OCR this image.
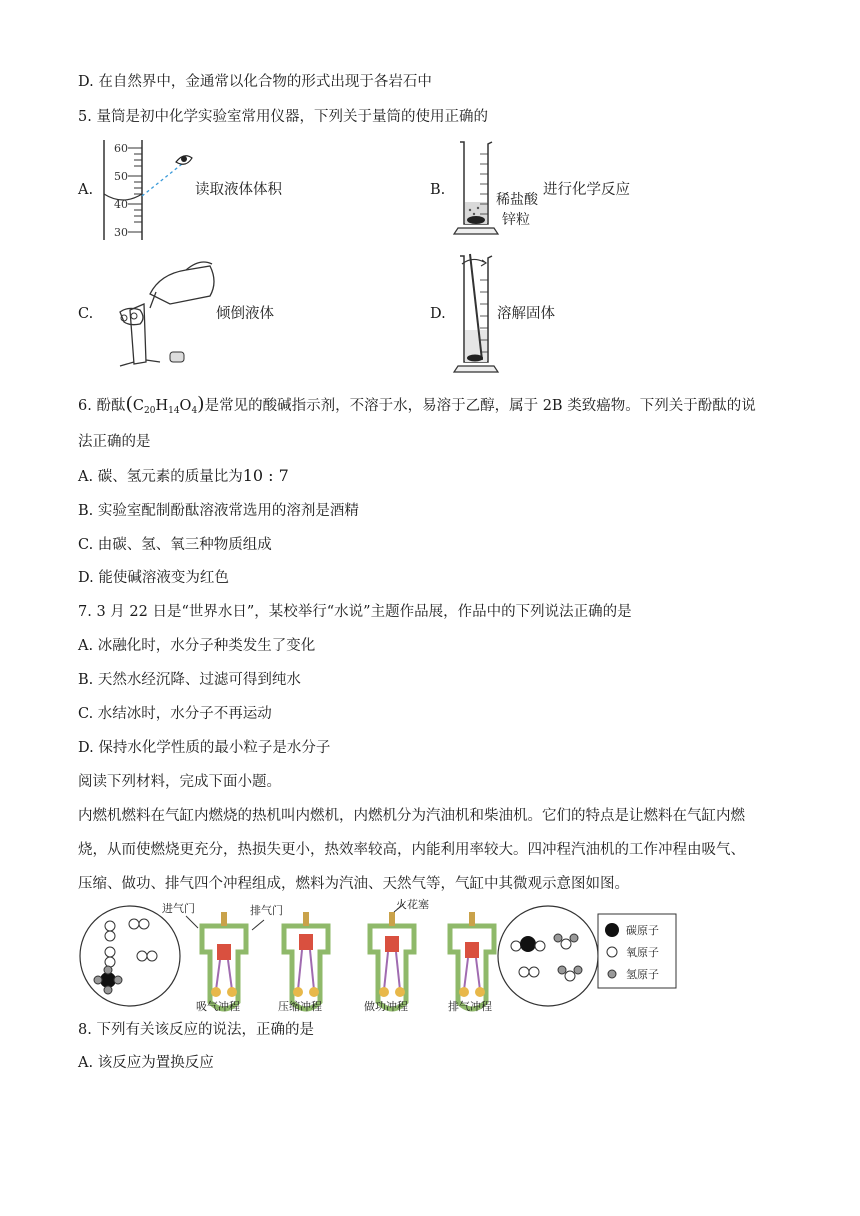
D. 在自然界中，金通常以化合物的形式出现于各岩石中
5. 量筒是初中化学实验室常用仪器，下列关于量筒的使用正确的
A.
60
50
40
30
读取液体体积	B.
稀盐酸
锌粒
进行化学反应
C.	倾倒液体	D.	溶解固体
6. 酚酞$(C_{20}H_{14}O_4)$是常见的酸碱指示剂，不溶于水，易溶于乙醇，属于 2B 类致癌物。下列关于酚酞的说
法正确的是
A. 碳、氢元素的质量比为10 : 7
B. 实验室配制酚酞溶液常选用的溶剂是酒精
C. 由碳、氢、氧三种物质组成
D. 能使碱溶液变为红色
7. 3 月 22 日是“世界水日”，某校举行“水说”主题作品展，作品中的下列说法正确的是
A. 冰融化时，水分子种类发生了变化
B. 天然水经沉降、过滤可得到纯水
C. 水结冰时，水分子不再运动
D. 保持水化学性质的最小粒子是水分子
阅读下列材料，完成下面小题。
内燃机燃料在气缸内燃烧的热机叫内燃机，内燃机分为汽油机和柴油机。它们的特点是让燃料在气缸内燃
烧，从而使燃烧更充分，热损失更小，热效率较高，内能利用率较大。四冲程汽油机的工作冲程由吸气、
压缩、做功、排气四个冲程组成，燃料为汽油、天然气等，气缸中其微观示意图如图。
进气门	排气门	火花塞
吸气冲程	压缩冲程	做功冲程	排气冲程
碳原子
氧原子
氢原子
8. 下列有关该反应的说法，正确的是
A. 该反应为置换反应
